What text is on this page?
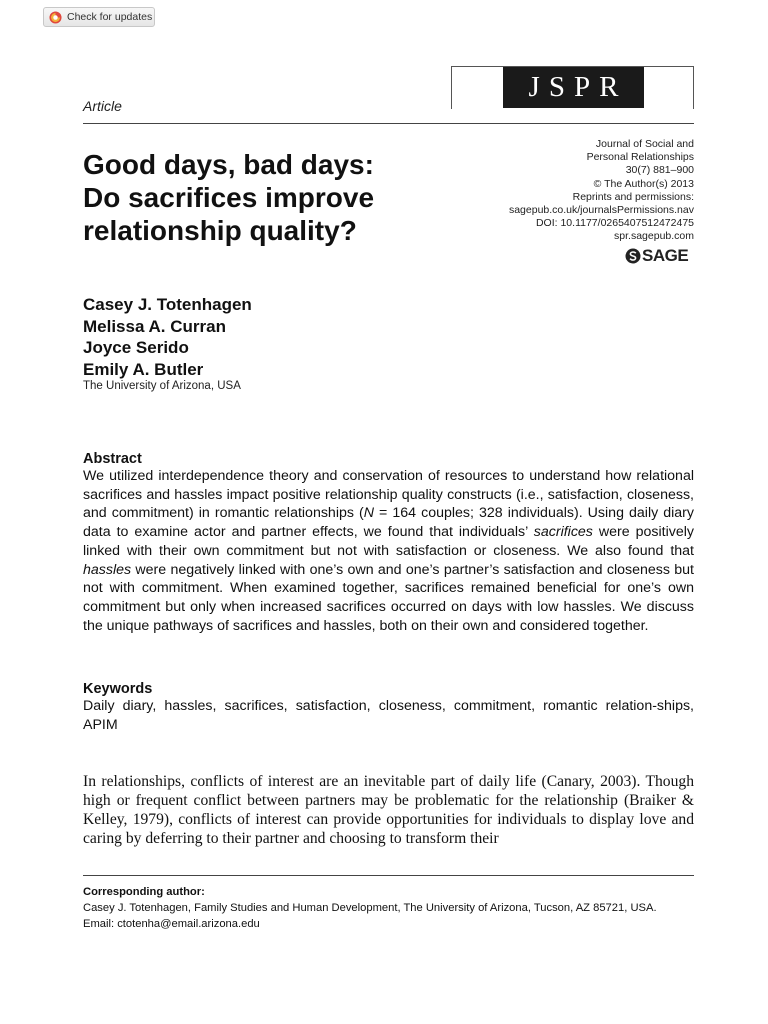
Check for updates
JSPR
Article
Good days, bad days:
Do sacrifices improve
relationship quality?
Journal of Social and
Personal Relationships
30(7) 881–900
© The Author(s) 2013
Reprints and permissions:
sagepub.co.uk/journalsPermissions.nav
DOI: 10.1177/0265407512472475
spr.sagepub.com
SAGE
Casey J. Totenhagen
Melissa A. Curran
Joyce Serido
Emily A. Butler
The University of Arizona, USA
Abstract
We utilized interdependence theory and conservation of resources to understand how relational sacrifices and hassles impact positive relationship quality constructs (i.e., satisfaction, closeness, and commitment) in romantic relationships (N = 164 couples; 328 individuals). Using daily diary data to examine actor and partner effects, we found that individuals’ sacrifices were positively linked with their own commitment but not with satisfaction or closeness. We also found that hassles were negatively linked with one’s own and one’s partner’s satisfaction and closeness but not with commitment. When examined together, sacrifices remained beneficial for one’s own commitment but only when increased sacrifices occurred on days with low hassles. We discuss the unique pathways of sacrifices and hassles, both on their own and considered together.
Keywords
Daily diary, hassles, sacrifices, satisfaction, closeness, commitment, romantic relation-ships, APIM
In relationships, conflicts of interest are an inevitable part of daily life (Canary, 2003). Though high or frequent conflict between partners may be problematic for the relationship (Braiker & Kelley, 1979), conflicts of interest can provide opportunities for individuals to display love and caring by deferring to their partner and choosing to transform their
Corresponding author:
Casey J. Totenhagen, Family Studies and Human Development, The University of Arizona, Tucson, AZ 85721, USA.
Email: ctotenha@email.arizona.edu
